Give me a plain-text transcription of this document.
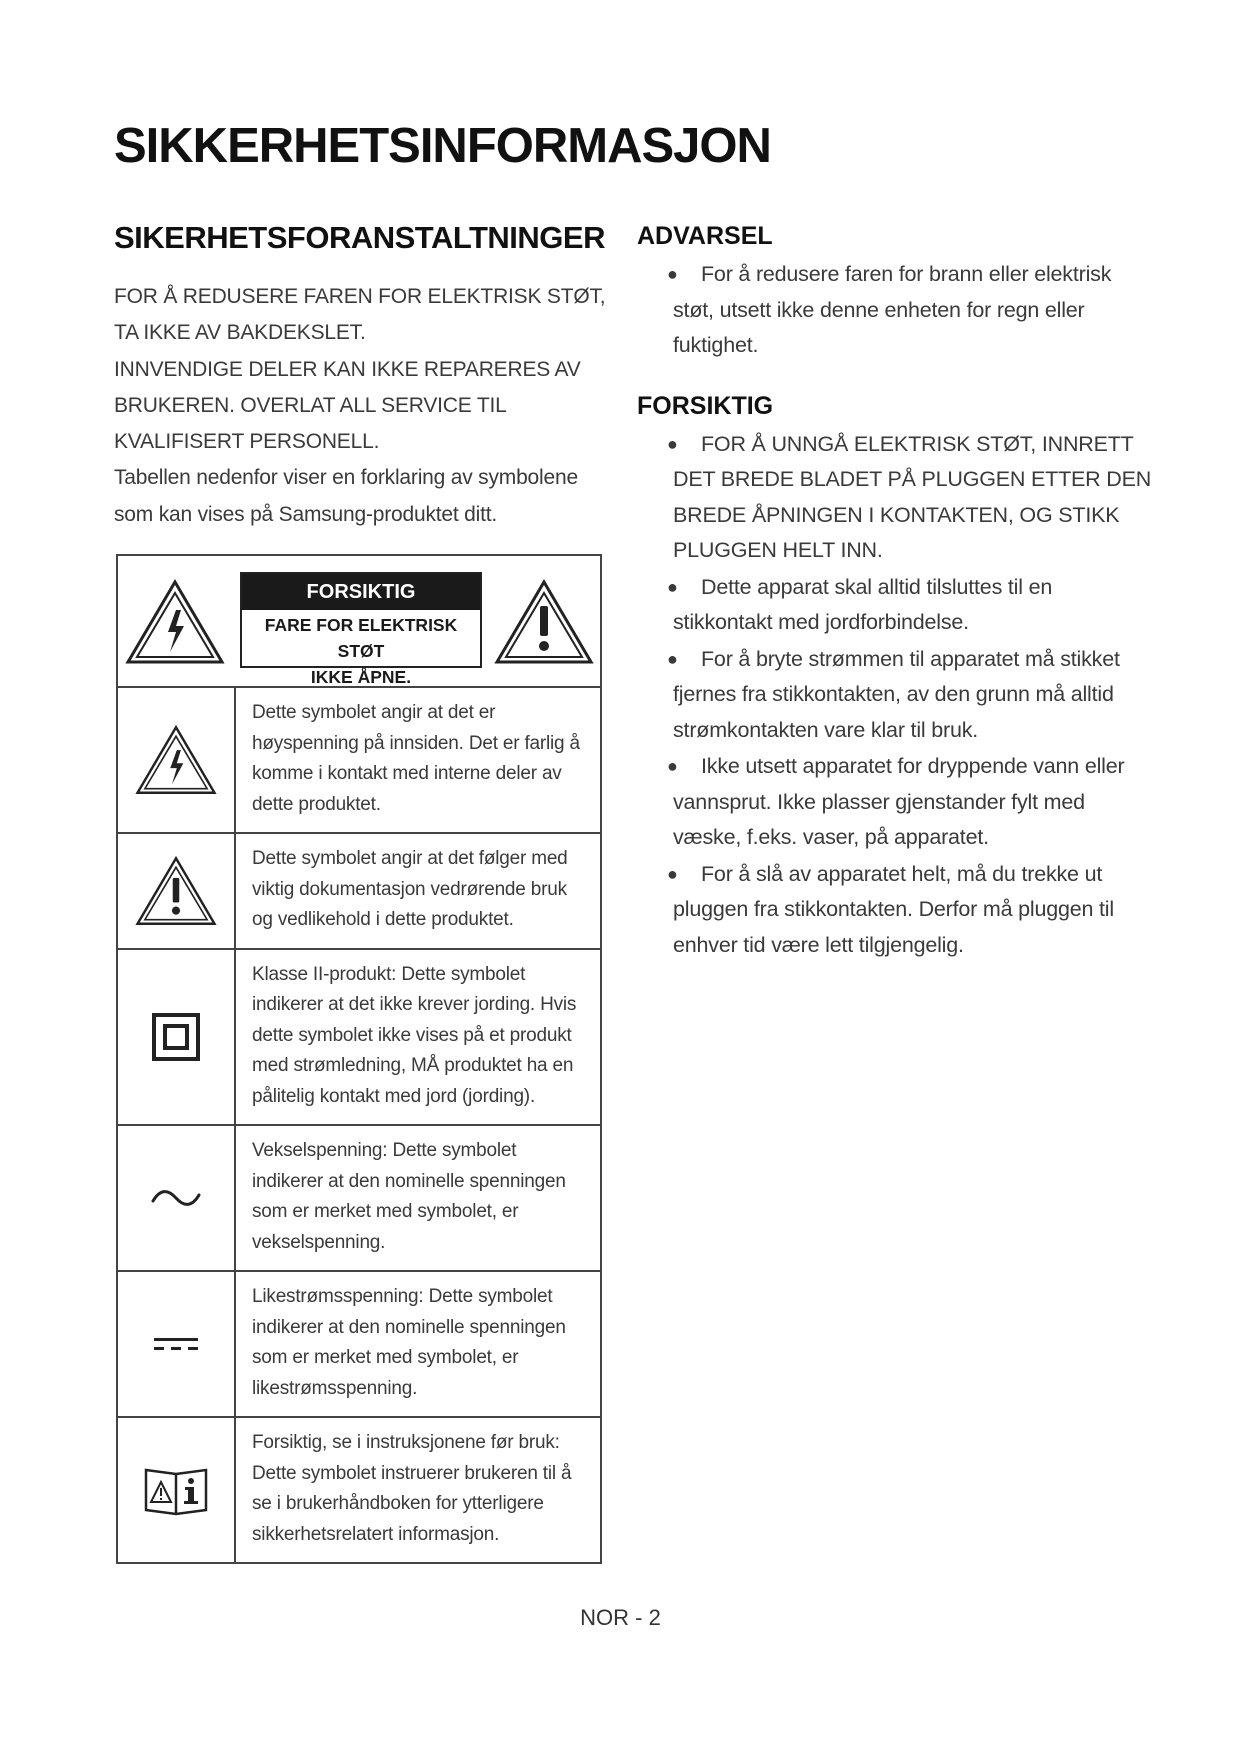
SIKKERHETSINFORMASJON
SIKERHETSFORANSTALTNINGER

FOR Å REDUSERE FAREN FOR ELEKTRISK STØT,

TA IKKE AV BAKDEKSLET.

INNVENDIGE DELER KAN IKKE REPARERES AV

BRUKEREN. OVERLAT ALL SERVICE TIL

KVALIFISERT PERSONELL.

Tabellen nedenfor viser en forklaring av symbolene

som kan vises på Samsung-produktet ditt.

FORSIKTIG
FARE FOR ELEKTRISK STØT
IKKE ÅPNE.	

	Dette symbolet angir at det er høyspenning på innsiden. Det er farlig å komme i kontakt med interne deler av dette produktet.

	Dette symbolet angir at det følger med viktig dokumentasjon vedrørende bruk og vedlikehold i dette produktet.

	Klasse II-produkt: Dette symbolet indikerer at det ikke krever jording. Hvis dette symbolet ikke vises på et produkt med strømledning, MÅ produktet ha en pålitelig kontakt med jord (jording).

	Vekselspenning: Dette symbolet indikerer at den nominelle spenningen som er merket med symbolet, er vekselspenning.

	Likestrømsspenning: Dette symbolet indikerer at den nominelle spenningen som er merket med symbolet, er likestrømsspenning.

	Forsiktig, se i instruksjonene før bruk: Dette symbolet instruerer brukeren til å se i brukerhåndboken for ytterligere sikkerhetsrelatert informasjon.
ADVARSEL
●	For å redusere faren for brann eller elektrisk støt, utsett ikke denne enheten for regn eller fuktighet.
FORSIKTIG
●	FOR Å UNNGÅ ELEKTRISK STØT, INNRETT DET BREDE BLADET PÅ PLUGGEN ETTER DEN BREDE ÅPNINGEN I KONTAKTEN, OG STIKK PLUGGEN HELT INN.
●	Dette apparat skal alltid tilsluttes til en stikkontakt med jordforbindelse.
●	For å bryte strømmen til apparatet må stikket fjernes fra stikkontakten, av den grunn må alltid strømkontakten vare klar til bruk.
●	Ikke utsett apparatet for dryppende vann eller vannsprut. Ikke plasser gjenstander fylt med væske, f.eks. vaser, på apparatet.
●	For å slå av apparatet helt, må du trekke ut pluggen fra stikkontakten. Derfor må pluggen til enhver tid være lett tilgjengelig.
NOR - 2
